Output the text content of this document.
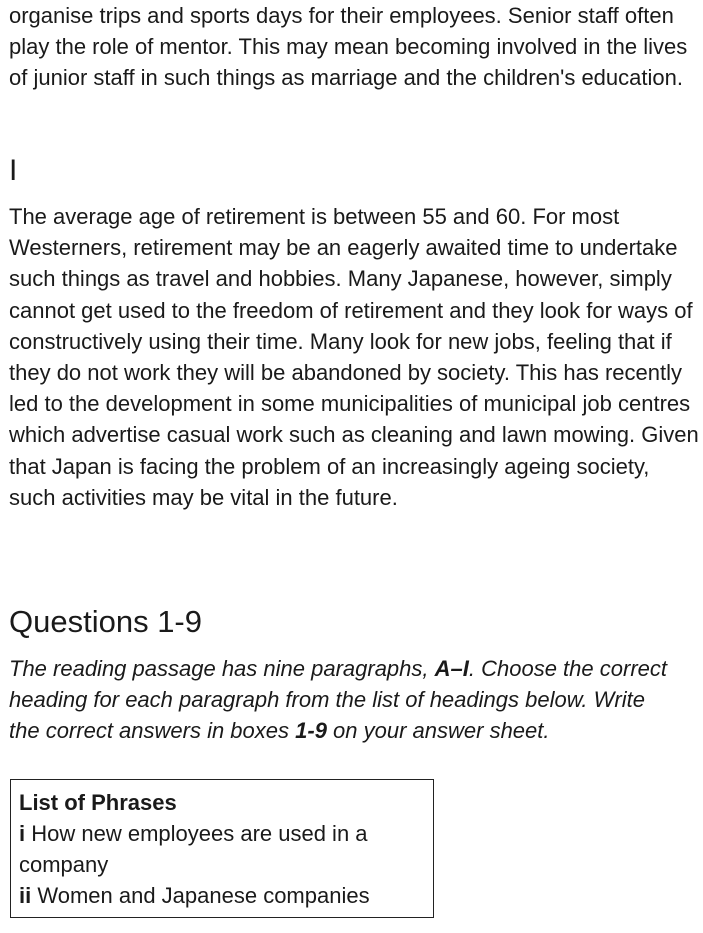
organise trips and sports days for their employees. Senior staff often play the role of mentor. This may mean becoming involved in the lives of junior staff in such things as marriage and the children's education.

I

The average age of retirement is between 55 and 60. For most Westerners, retirement may be an eagerly awaited time to undertake such things as travel and hobbies. Many Japanese, however, simply cannot get used to the freedom of retirement and they look for ways of constructively using their time. Many look for new jobs, feeling that if they do not work they will be abandoned by society. This has recently led to the development in some municipalities of municipal job centres which advertise casual work such as cleaning and lawn mowing. Given that Japan is facing the problem of an increasingly ageing society, such activities may be vital in the future.

Questions 1-9

The reading passage has nine paragraphs, A–I. Choose the correct heading for each paragraph from the list of headings below. Write the correct answers in boxes 1-9 on your answer sheet.

List of Phrases

i How new employees are used in a company

ii Women and Japanese companies
